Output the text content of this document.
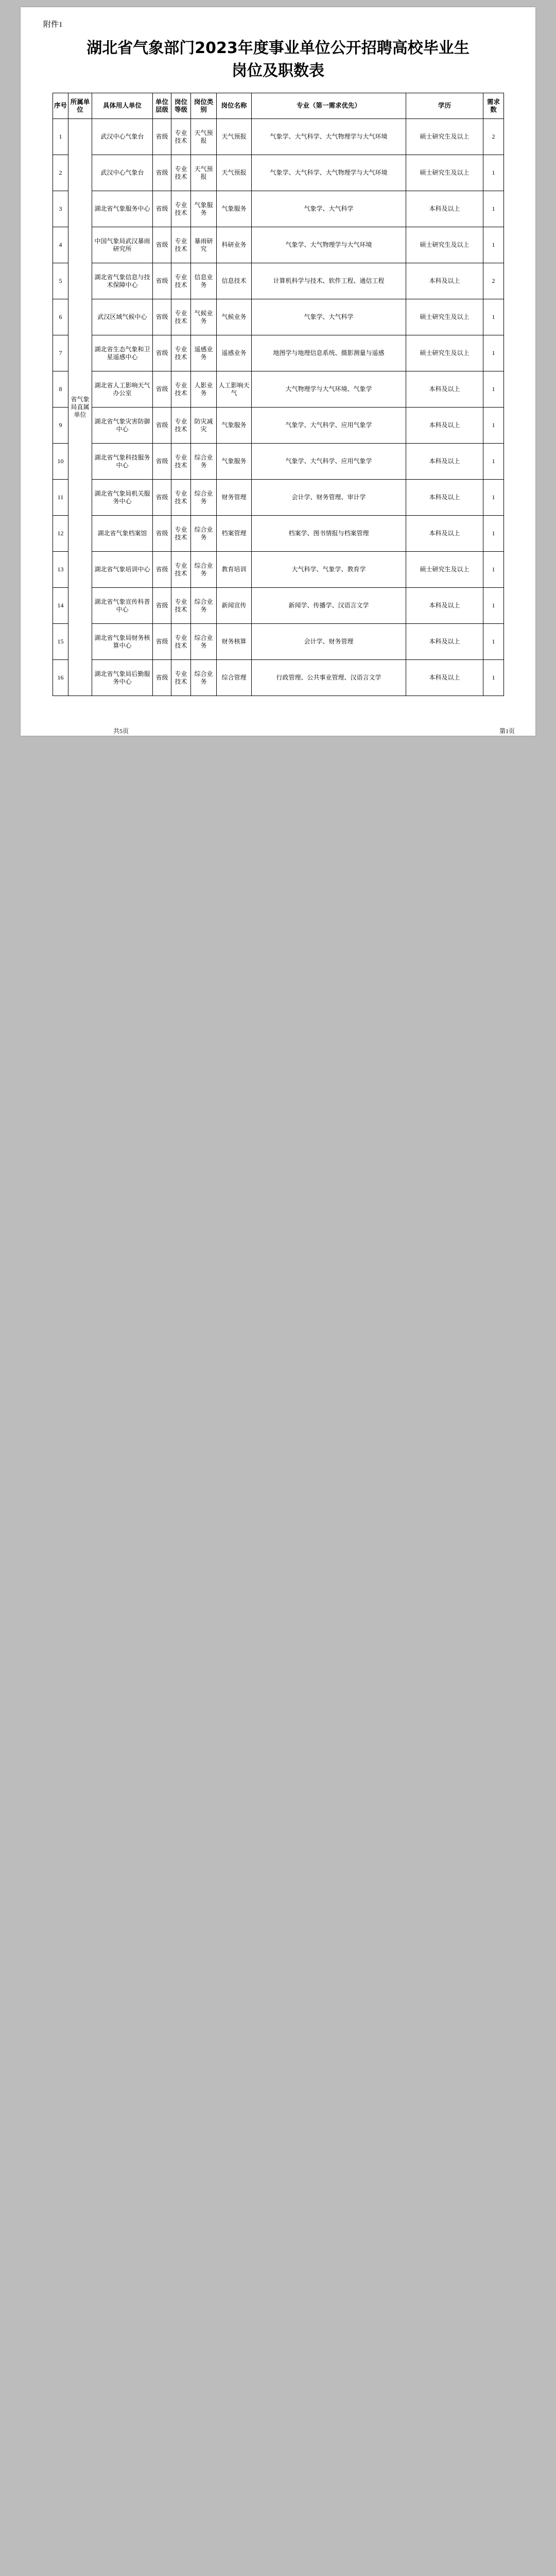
附件1
湖北省气象部门2023年度事业单位公开招聘高校毕业生
岗位及职数表
序号	所属单位	具体用人单位	单位层级	岗位等级	岗位类别	岗位名称	专业（第一需求优先）	学历	需求数
1	省气象局直属单位	武汉中心气象台	省级	专业技术	天气预报	天气预报	气象学、大气科学、大气物理学与大气环境	硕士研究生及以上	2
2		武汉中心气象台	省级	专业技术	天气预报	天气预报	气象学、大气科学、大气物理学与大气环境	硕士研究生及以上	1
3		湖北省气象服务中心	省级	专业技术	气象服务	气象服务	气象学、大气科学	本科及以上	1
4		中国气象局武汉暴雨研究所	省级	专业技术	暴雨研究	科研业务	气象学、大气物理学与大气环境	硕士研究生及以上	1
5		湖北省气象信息与技术保障中心	省级	专业技术	信息业务	信息技术	计算机科学与技术、软件工程、通信工程	本科及以上	2
6		武汉区域气候中心	省级	专业技术	气候业务	气候业务	气象学、大气科学	硕士研究生及以上	1
7		湖北省生态气象和卫星遥感中心	省级	专业技术	遥感业务	遥感业务	地图学与地理信息系统、摄影测量与遥感	硕士研究生及以上	1
8		湖北省人工影响天气办公室	省级	专业技术	人影业务	人工影响天气	大气物理学与大气环境、气象学	本科及以上	1
9		湖北省气象灾害防御中心	省级	专业技术	防灾减灾	气象服务	气象学、大气科学、应用气象学	本科及以上	1
10		湖北省气象科技服务中心	省级	专业技术	综合业务	气象服务	气象学、大气科学、应用气象学	本科及以上	1
11		湖北省气象局机关服务中心	省级	专业技术	综合业务	财务管理	会计学、财务管理、审计学	本科及以上	1
12		湖北省气象档案馆	省级	专业技术	综合业务	档案管理	档案学、图书情报与档案管理	本科及以上	1
13		湖北省气象培训中心	省级	专业技术	综合业务	教育培训	大气科学、气象学、教育学	硕士研究生及以上	1
14		湖北省气象宣传科普中心	省级	专业技术	综合业务	新闻宣传	新闻学、传播学、汉语言文学	本科及以上	1
15		湖北省气象局财务核算中心	省级	专业技术	综合业务	财务核算	会计学、财务管理	本科及以上	1
16		湖北省气象局后勤服务中心	省级	专业技术	综合业务	综合管理	行政管理、公共事业管理、汉语言文学	本科及以上	1
共5页	第1页
